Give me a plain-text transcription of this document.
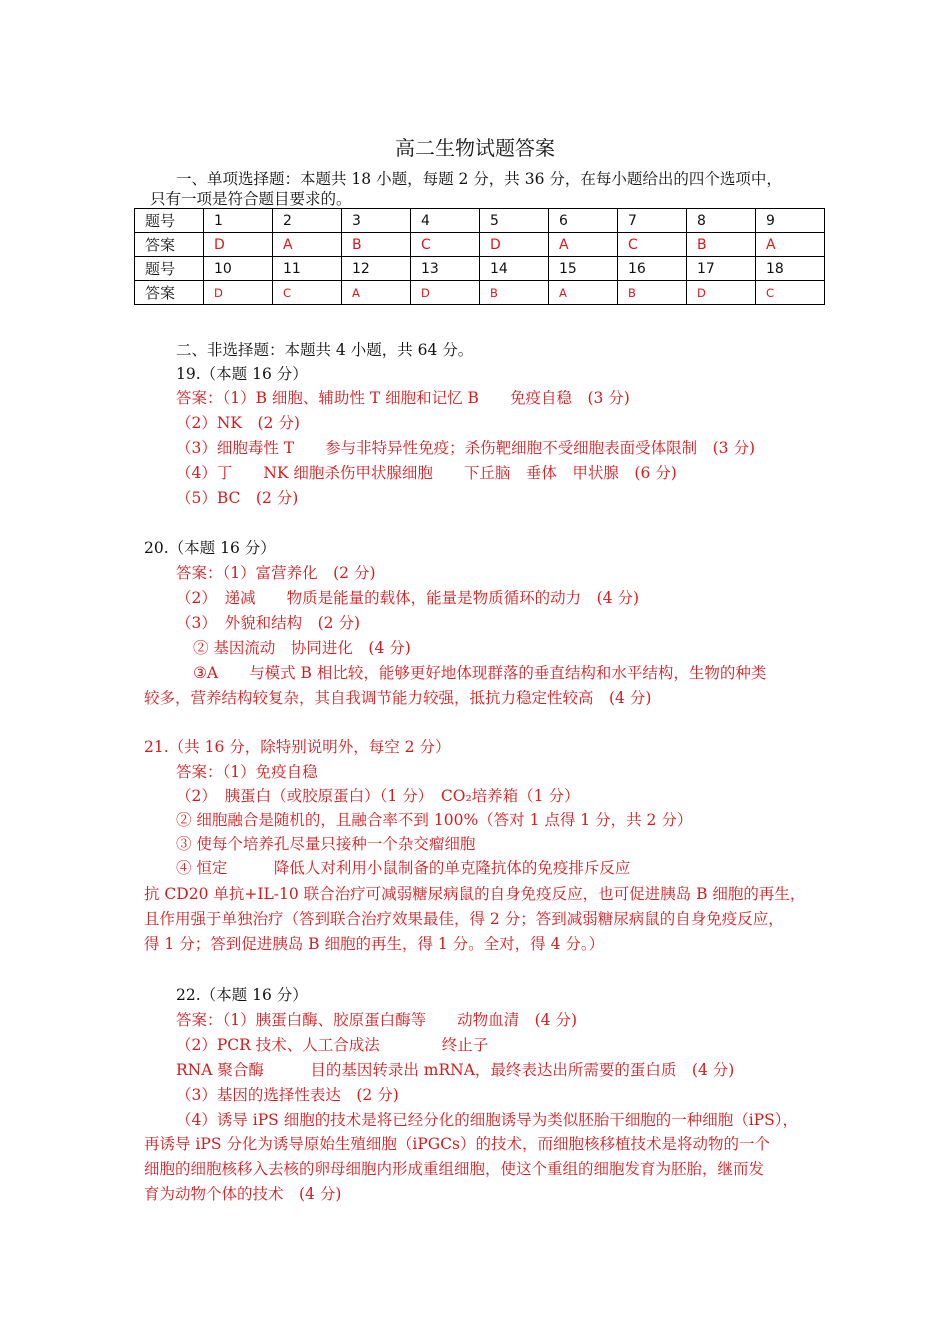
高二生物试题答案
一、单项选择题：本题共 18 小题，每题 2 分，共 36 分，在每小题给出的四个选项中，
只有一项是符合题目要求的。
题号	1	2	3	4	5	6	7	8	9
答案	D	A	B	C	D	A	C	B	A
题号	10	11	12	13	14	15	16	17	18
答案	D	C	A	D	B	A	B	D	C
二、非选择题：本题共 4 小题，共 64 分。
19.（本题 16 分）
答案：（1）B 细胞、辅助性 T 细胞和记忆 B　　免疫自稳　(3 分)
（2）NK　(2 分)
（3）细胞毒性 T　　参与非特异性免疫；杀伤靶细胞不受细胞表面受体限制　(3 分)
（4）丁　　NK 细胞杀伤甲状腺细胞　　下丘脑　垂体　甲状腺　(6 分)
（5）BC　(2 分)
20.（本题 16 分）
答案：（1）富营养化　(2 分)
（2）　递减　　物质是能量的载体，能量是物质循环的动力　(4 分)
（3）　外貌和结构　(2 分)
② 基因流动　协同进化　(4 分)
③A　　与模式 B 相比较，能够更好地体现群落的垂直结构和水平结构，生物的种类
较多，营养结构较复杂，其自我调节能力较强，抵抗力稳定性较高　(4 分)
21.（共 16 分，除特别说明外，每空 2 分）
答案：（1）免疫自稳
（2）　胰蛋白（或胶原蛋白）（1 分）　CO₂培养箱（1 分）
② 细胞融合是随机的，且融合率不到 100%（答对 1 点得 1 分，共 2 分）
③ 使每个培养孔尽量只接种一个杂交瘤细胞
④ 恒定　　　降低人对利用小鼠制备的单克隆抗体的免疫排斥反应
抗 CD20 单抗+IL-10 联合治疗可减弱糖尿病鼠的自身免疫反应，也可促进胰岛 B 细胞的再生，
且作用强于单独治疗（答到联合治疗效果最佳，得 2 分；答到减弱糖尿病鼠的自身免疫反应，
得 1 分；答到促进胰岛 B 细胞的再生，得 1 分。全对，得 4 分。）
22.（本题 16 分）
答案：（1）胰蛋白酶、胶原蛋白酶等　　动物血清　(4 分)
（2）PCR 技术、人工合成法　　　　终止子
RNA 聚合酶　　　目的基因转录出 mRNA，最终表达出所需要的蛋白质　(4 分)
（3）基因的选择性表达　(2 分)
（4）诱导 iPS 细胞的技术是将已经分化的细胞诱导为类似胚胎干细胞的一种细胞（iPS），
再诱导 iPS 分化为诱导原始生殖细胞（iPGCs）的技术，而细胞核移植技术是将动物的一个
细胞的细胞核移入去核的卵母细胞内形成重组细胞，使这个重组的细胞发育为胚胎，继而发
育为动物个体的技术　(4 分)
